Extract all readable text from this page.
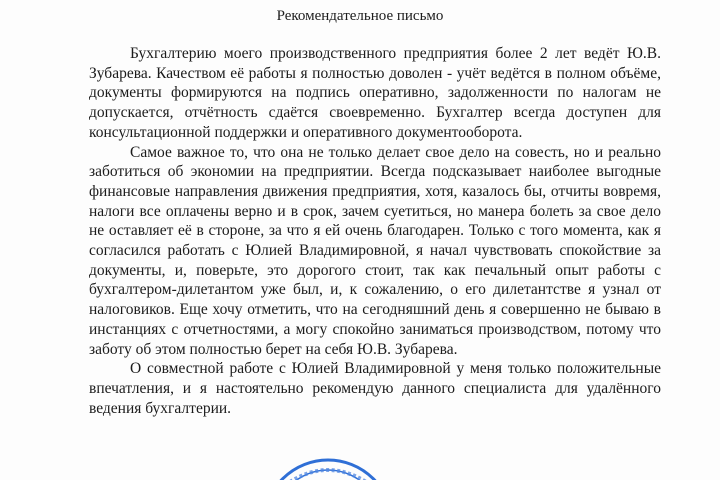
Рекомендательное письмо

Бухгалтерию моего производственного предприятия более 2 лет ведёт Ю.В. Зубарева. Качеством её работы я полностью доволен - учёт ведётся в полном объёме, документы формируются на подпись оперативно, задолженности по налогам не допускается, отчётность сдаётся своевременно. Бухгалтер всегда доступен для консультационной поддержки и оперативного документооборота.

Самое важное то, что она не только делает свое дело на совесть, но и реально заботиться об экономии на предприятии. Всегда подсказывает наиболее выгодные финансовые направления движения предприятия, хотя, казалось бы, отчиты вовремя, налоги все оплачены верно и в срок, зачем суетиться, но манера болеть за свое дело не оставляет её в стороне, за что я ей очень благодарен. Только с того момента, как я согласился работать с Юлией Владимировной, я начал чувствовать спокойствие за документы, и, поверьте, это дорогого стоит, так как печальный опыт работы с бухгалтером-дилетантом уже был, и, к сожалению, о его дилетантстве я узнал от налоговиков. Еще хочу отметить, что на сегодняшний день я совершенно не бываю в инстанциях с отчетностями, а могу спокойно заниматься производством, потому что заботу об этом полностью берет на себя Ю.В. Зубарева.

О совместной работе с Юлией Владимировной у меня только положительные впечатления, и я настоятельно рекомендую данного специалиста для удалённого ведения бухгалтерии.
